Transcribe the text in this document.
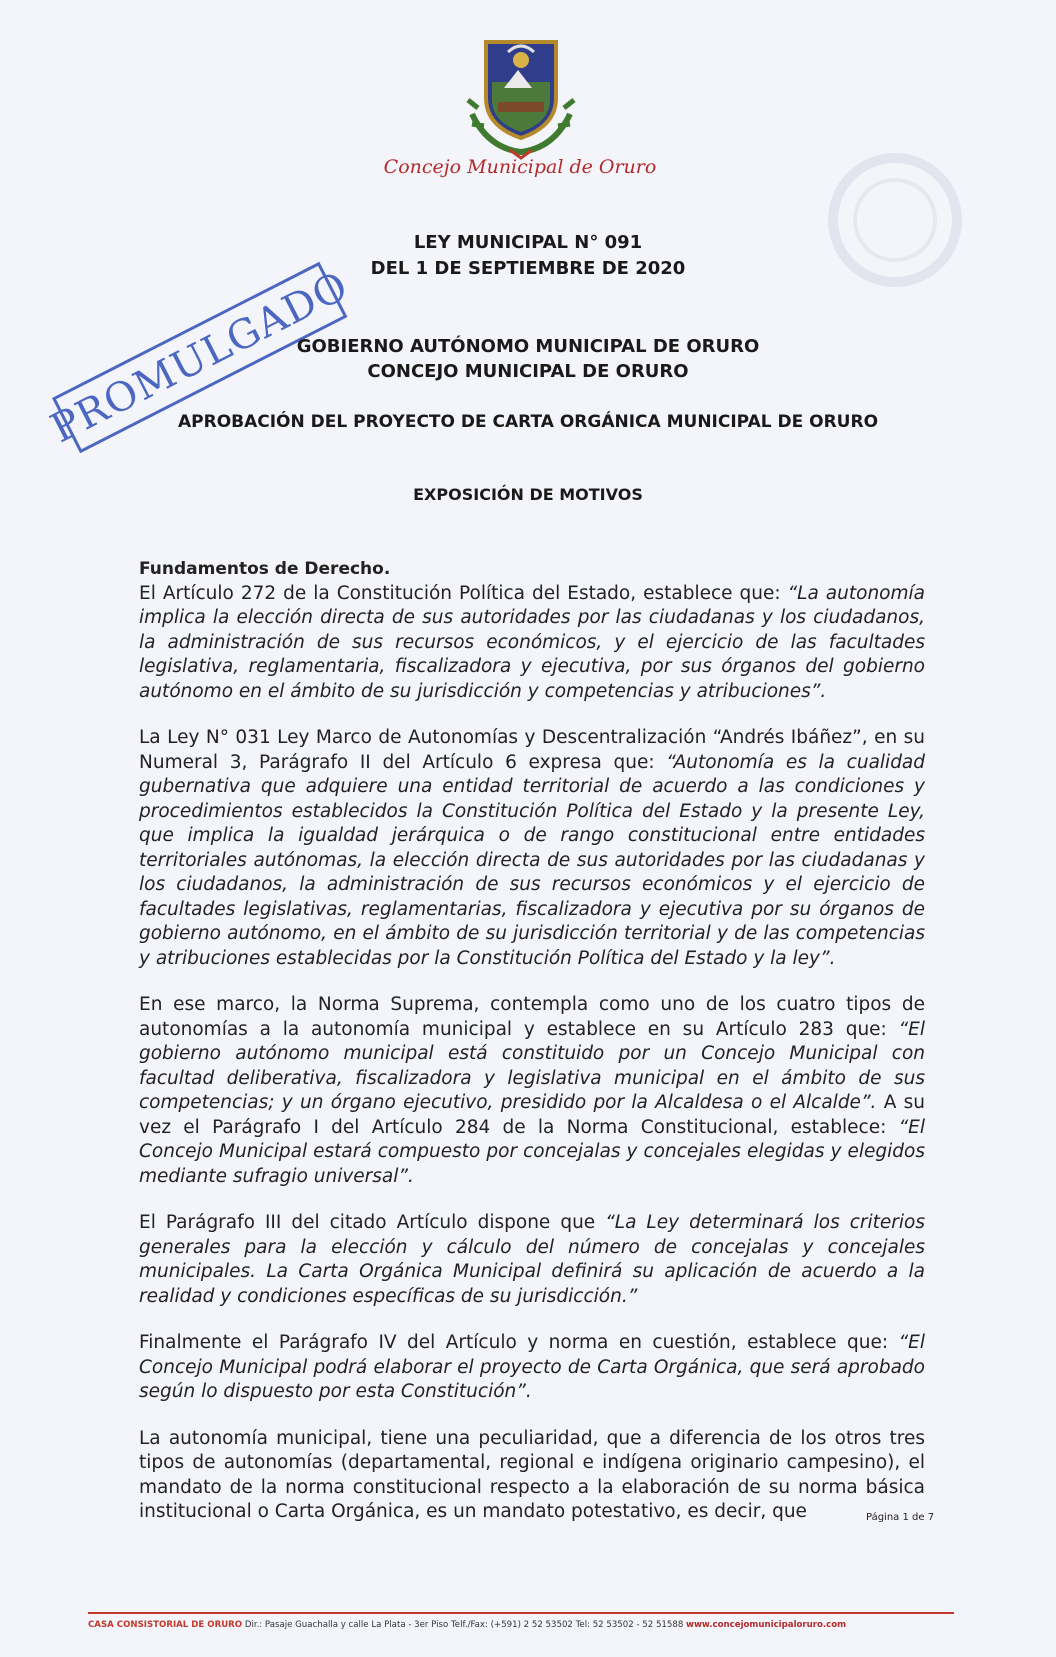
Concejo Municipal de Oruro
PROMULGADO
LEY MUNICIPAL N° 091
DEL 1 DE SEPTIEMBRE DE 2020
GOBIERNO AUTÓNOMO MUNICIPAL DE ORURO
CONCEJO MUNICIPAL DE ORURO
APROBACIÓN DEL PROYECTO DE CARTA ORGÁNICA MUNICIPAL DE ORURO
EXPOSICIÓN DE MOTIVOS

Fundamentos de Derecho.
El Artículo 272 de la Constitución Política del Estado, establece que: “La autonomía implica la elección directa de sus autoridades por las ciudadanas y los ciudadanos, la administración de sus recursos económicos, y el ejercicio de las facultades legislativa, reglamentaria, fiscalizadora y ejecutiva, por sus órganos del gobierno autónomo en el ámbito de su jurisdicción y competencias y atribuciones”.

La Ley N° 031 Ley Marco de Autonomías y Descentralización “Andrés Ibáñez”, en su Numeral 3, Parágrafo II del Artículo 6 expresa que: “Autonomía es la cualidad gubernativa que adquiere una entidad territorial de acuerdo a las condiciones y procedimientos establecidos la Constitución Política del Estado y la presente Ley, que implica la igualdad jerárquica o de rango constitucional entre entidades territoriales autónomas, la elección directa de sus autoridades por las ciudadanas y los ciudadanos, la administración de sus recursos económicos y el ejercicio de facultades legislativas, reglamentarias, fiscalizadora y ejecutiva por su órganos de gobierno autónomo, en el ámbito de su jurisdicción territorial y de las competencias y atribuciones establecidas por la Constitución Política del Estado y la ley”.

En ese marco, la Norma Suprema, contempla como uno de los cuatro tipos de autonomías a la autonomía municipal y establece en su Artículo 283 que: “El gobierno autónomo municipal está constituido por un Concejo Municipal con facultad deliberativa, fiscalizadora y legislativa municipal en el ámbito de sus competencias; y un órgano ejecutivo, presidido por la Alcaldesa o el Alcalde”. A su vez el Parágrafo I del Artículo 284 de la Norma Constitucional, establece: “El Concejo Municipal estará compuesto por concejalas y concejales elegidas y elegidos mediante sufragio universal”.

El Parágrafo III del citado Artículo dispone que “La Ley determinará los criterios generales para la elección y cálculo del número de concejalas y concejales municipales. La Carta Orgánica Municipal definirá su aplicación de acuerdo a la realidad y condiciones específicas de su jurisdicción.”

Finalmente el Parágrafo IV del Artículo y norma en cuestión, establece que: “El Concejo Municipal podrá elaborar el proyecto de Carta Orgánica, que será aprobado según lo dispuesto por esta Constitución”.

La autonomía municipal, tiene una peculiaridad, que a diferencia de los otros tres tipos de autonomías (departamental, regional e indígena originario campesino), el mandato de la norma constitucional respecto a la elaboración de su norma básica institucional o Carta Orgánica, es un mandato potestativo, es decir, que	Página 1 de 7
CASA CONSISTORIAL DE ORURO Dir.: Pasaje Guachalla y calle La Plata - 3er Piso Telf./Fax: (+591) 2 52 53502 Tel: 52 53502 - 52 51588 www.concejomunicipaloruro.com
